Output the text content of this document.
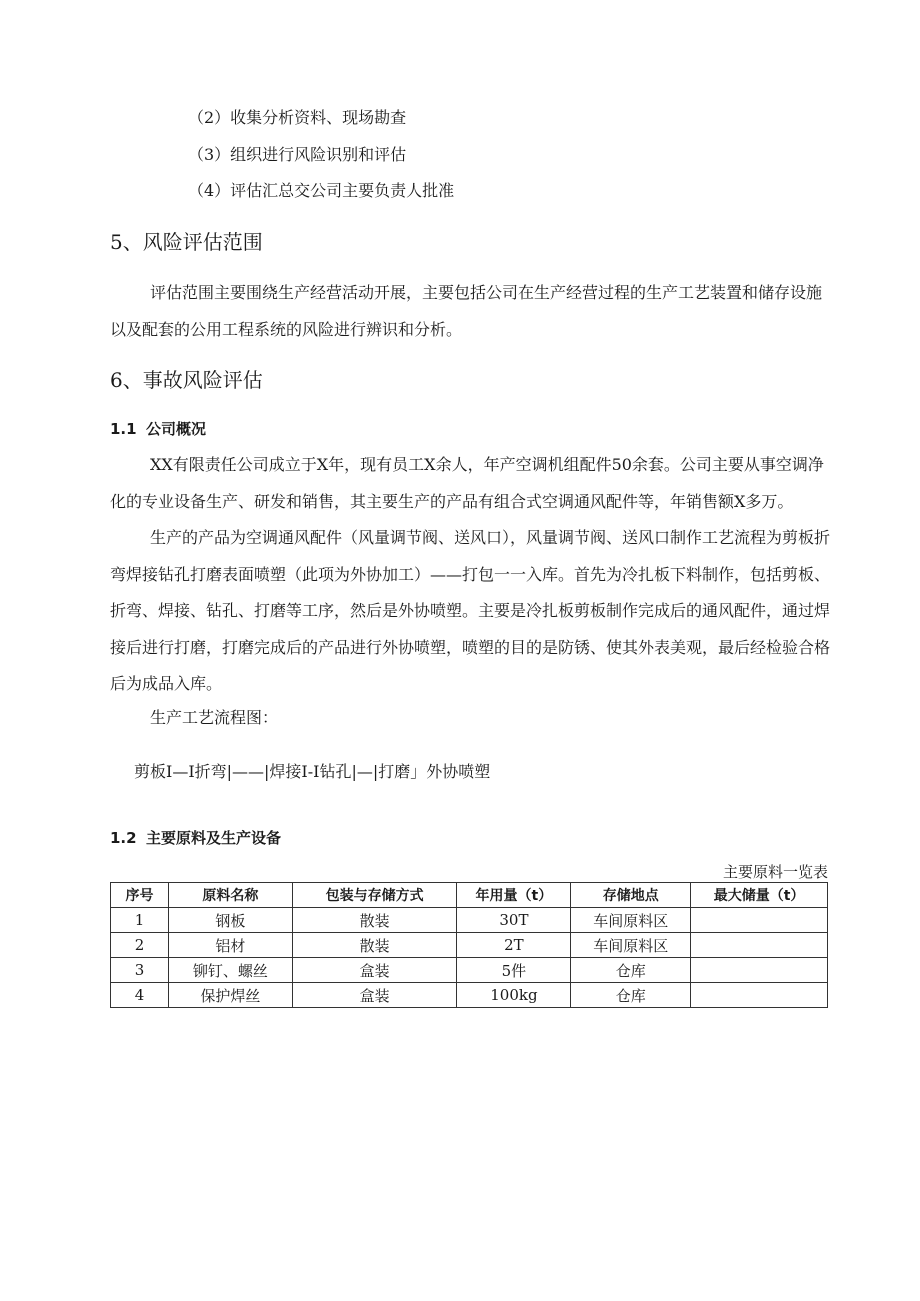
（2）收集分析资料、现场勘查
（3）组织进行风险识别和评估
（4）评估汇总交公司主要负责人批准
5、风险评估范围
评估范围主要围绕生产经营活动开展，主要包括公司在生产经营过程的生产工艺装置和储存设施以及配套的公用工程系统的风险进行辨识和分析。
6、事故风险评估
1.1 公司概况
XX有限责任公司成立于X年，现有员工X余人，年产空调机组配件50余套。公司主要从事空调净化的专业设备生产、研发和销售，其主要生产的产品有组合式空调通风配件等，年销售额X多万。
生产的产品为空调通风配件（风量调节阀、送风口），风量调节阀、送风口制作工艺流程为剪板折弯焊接钻孔打磨表面喷塑（此项为外协加工）——打包一一入库。首先为冷扎板下料制作，包括剪板、折弯、焊接、钻孔、打磨等工序，然后是外协喷塑。主要是冷扎板剪板制作完成后的通风配件，通过焊接后进行打磨，打磨完成后的产品进行外协喷塑，喷塑的目的是防锈、使其外表美观，最后经检验合格后为成品入库。
生产工艺流程图：
剪板I—I折弯|——|焊接I-I钻孔|—|打磨」外协喷塑
1.2 主要原料及生产设备
主要原料一览表
序号	原料名称	包装与存储方式	年用量（t）	存储地点	最大储量（t）
1	钢板	散装	30T	车间原料区	
2	铝材	散装	2T	车间原料区	
3	铆钉、螺丝	盒装	5件	仓库	
4	保护焊丝	盒装	100kg	仓库	
